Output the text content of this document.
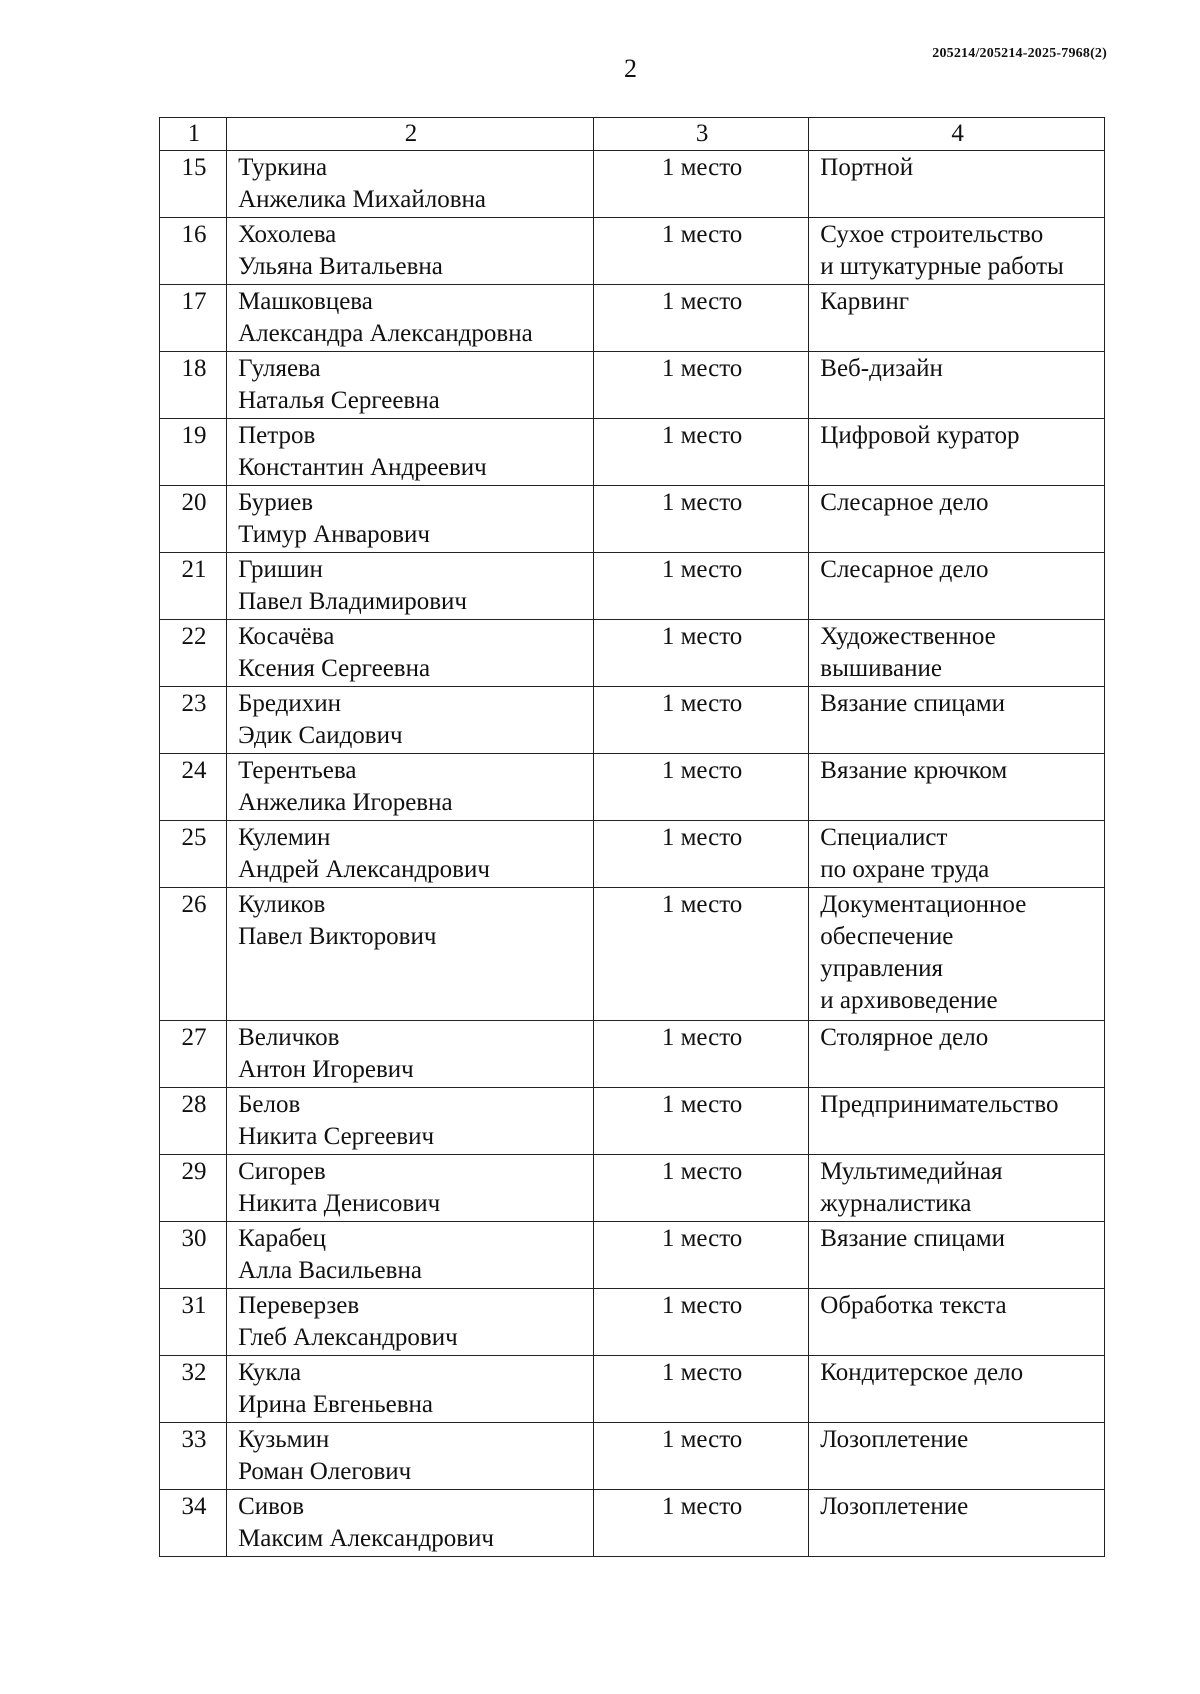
2
205214/205214-2025-7968(2)
1	2	3	4
15	Туркина
Анжелика Михайловна	1 место	Портной

16	Хохолева
Ульяна Витальевна	1 место	Сухое строительство
и штукатурные работы

17	Машковцева
Александра Александровна	1 место	Карвинг

18	Гуляева
Наталья Сергеевна	1 место	Веб-дизайн

19	Петров
Константин Андреевич	1 место	Цифровой куратор

20	Буриев
Тимур Анварович	1 место	Слесарное дело

21	Гришин
Павел Владимирович	1 место	Слесарное дело

22	Косачёва
Ксения Сергеевна	1 место	Художественное
вышивание

23	Бредихин
Эдик Саидович	1 место	Вязание спицами

24	Терентьева
Анжелика Игоревна	1 место	Вязание крючком

25	Кулемин
Андрей Александрович	1 место	Специалист
по охране труда

26	Куликов
Павел Викторович	1 место	Документационное
обеспечение
управления
и архивоведение

27	Величков
Антон Игоревич	1 место	Столярное дело

28	Белов
Никита Сергеевич	1 место	Предпринимательство

29	Сигорев
Никита Денисович	1 место	Мультимедийная
журналистика

30	Карабец
Алла Васильевна	1 место	Вязание спицами

31	Переверзев
Глеб Александрович	1 место	Обработка текста

32	Кукла
Ирина Евгеньевна	1 место	Кондитерское дело

33	Кузьмин
Роман Олегович	1 место	Лозоплетение

34	Сивов
Максим Александрович	1 место	Лозоплетение
